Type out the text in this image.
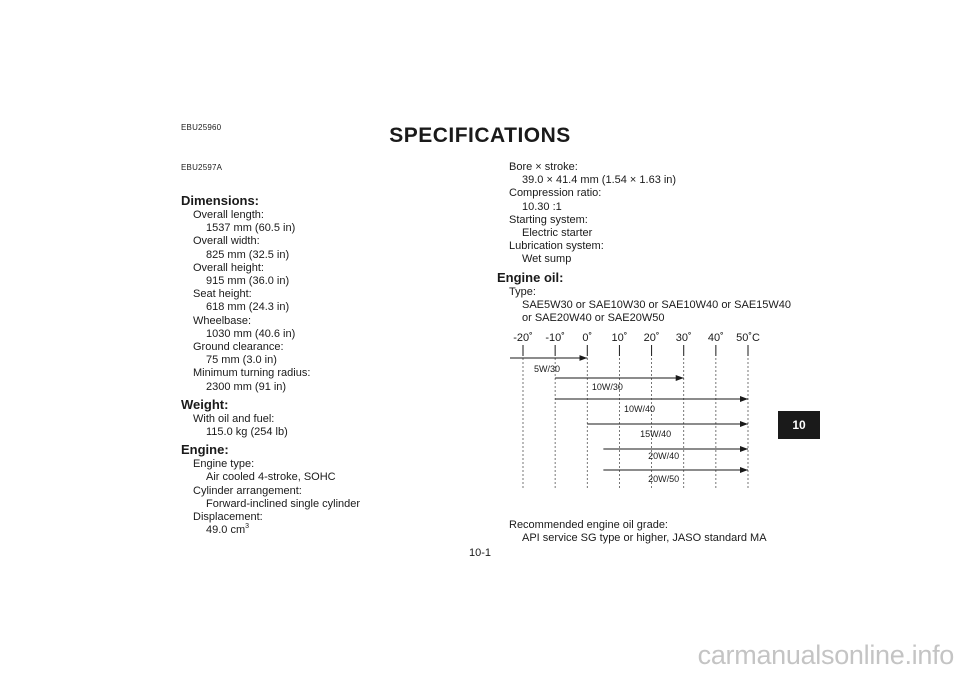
EBU25960	SPECIFICATIONS
EBU2597A
Dimensions:
Overall length:
1537 mm (60.5 in)
Overall width:
825 mm (32.5 in)
Overall height:
915 mm (36.0 in)
Seat height:
618 mm (24.3 in)
Wheelbase:
1030 mm (40.6 in)
Ground clearance:
75 mm (3.0 in)
Minimum turning radius:
2300 mm (91 in)
Weight:
With oil and fuel:
115.0 kg (254 lb)
Engine:
Engine type:
Air cooled 4-stroke, SOHC
Cylinder arrangement:
Forward-inclined single cylinder
Displacement:
49.0 $cm^3$
Bore × stroke:
39.0 × 41.4 mm (1.54 × 1.63 in)
Compression ratio:
10.30 :1
Starting system:
Electric starter
Lubrication system:
Wet sump
Engine oil:
Type:
SAE5W30 or SAE10W30 or SAE10W40 or SAE15W40
or SAE20W40 or SAE20W50
-20˚ -10˚ 0˚ 10˚ 20˚ 30˚ 40˚ 50˚C
5W/30
10W/30
10W/40
15W/40
20W/40
20W/50
Recommended engine oil grade:
API service SG type or higher, JASO standard MA
10
10-1
carmanualsonline.info
